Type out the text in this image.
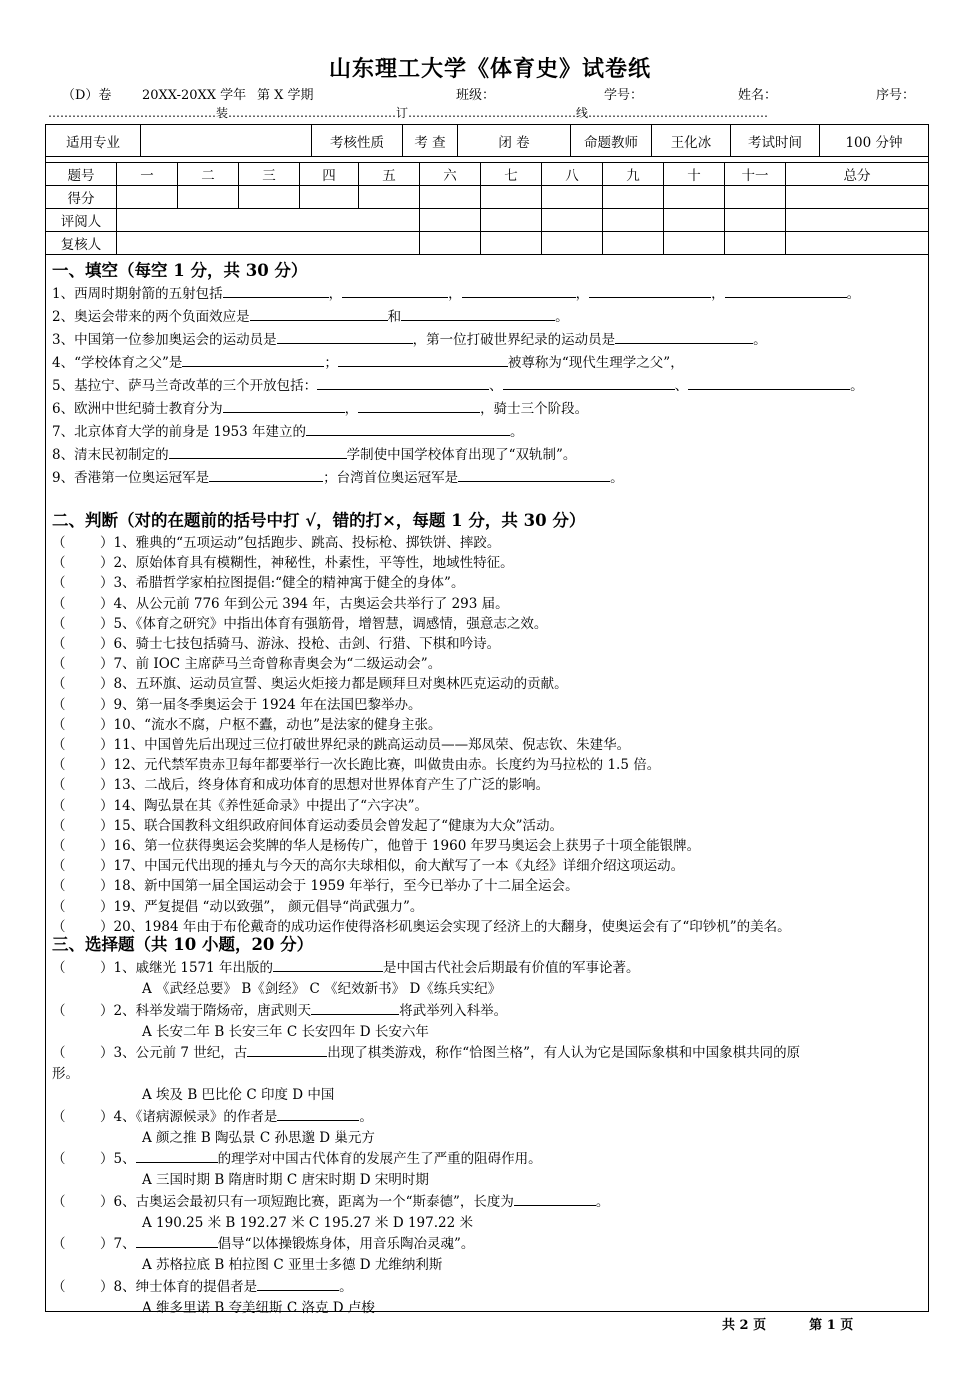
山东理工大学《体育史》试卷纸
（D）卷 20XX-20XX 学年 第 X 学期	班级：	学号：	姓名：	序号：
……………………………………装……………………………………订……………………………………线………………………………………
适用专业		考核性质	考 查	闭 卷	命题教师	王化冰	考试时间	100 分钟
题号	一	二	三	四	五	六	七	八	九	十	十一	总分
得分												
评阅人												
复核人												
一、填空（每空 1 分，共 30 分）
1、西周时期射箭的五射包括	，	，	，	，	。
2、奥运会带来的两个负面效应是	和	。
3、中国第一位参加奥运会的运动员是	，第一位打破世界纪录的运动员是	。
4、“学校体育之父”是	；	被尊称为“现代生理学之父”，
5、基拉宁、萨马兰奇改革的三个开放包括：	、	、	。
6、欧洲中世纪骑士教育分为	，	，骑士三个阶段。
7、北京体育大学的前身是 1953 年建立的	。
8、清末民初制定的	学制使中国学校体育出现了“双轨制”。
9、香港第一位奥运冠军是	；台湾首位奥运冠军是	。
二、判断（对的在题前的括号中打 √，错的打×，每题 1 分，共 30 分）
（	）1、雅典的“五项运动”包括跑步、跳高、投标枪、掷铁饼、摔跤。
（	）2、原始体育具有模糊性，神秘性，朴素性，平等性，地域性特征。
（	）3、希腊哲学家柏拉图提倡:“健全的精神寓于健全的身体”。
（	）4、从公元前 776 年到公元 394 年，古奥运会共举行了 293 届。
（	）5、《体育之研究》中指出体育有强筋骨，增智慧，调感情，强意志之效。
（	）6、骑士七技包括骑马、游泳、投枪、击剑、行猎、下棋和吟诗。
（	）7、前 IOC 主席萨马兰奇曾称青奥会为“二级运动会”。
（	）8、五环旗、运动员宣誓、奥运火炬接力都是顾拜旦对奥林匹克运动的贡献。
（	）9、第一届冬季奥运会于 1924 年在法国巴黎举办。
（	）10、“流水不腐，户枢不蠹，动也”是法家的健身主张。
（	）11、中国曾先后出现过三位打破世界纪录的跳高运动员——郑凤荣、倪志钦、朱建华。
（	）12、元代禁军贵赤卫每年都要举行一次长跑比赛，叫做贵由赤。长度约为马拉松的 1.5 倍。
（	）13、二战后，终身体育和成功体育的思想对世界体育产生了广泛的影响。
（	）14、陶弘景在其《养性延命录》中提出了“六字决”。
（	）15、联合国教科文组织政府间体育运动委员会曾发起了“健康为大众”活动。
（	）16、第一位获得奥运会奖牌的华人是杨传广，他曾于 1960 年罗马奥运会上获男子十项全能银牌。
（	）17、中国元代出现的捶丸与今天的高尔夫球相似，俞大猷写了一本《丸经》详细介绍这项运动。
（	）18、新中国第一届全国运动会于 1959 年举行，至今已举办了十二届全运会。
（	）19、严复提倡 “动以致强”， 颜元倡导“尚武强力”。
（	）20、1984 年由于布伦戴奇的成功运作使得洛杉矶奥运会实现了经济上的大翻身，使奥运会有了“印钞机”的美名。
三、选择题（共 10 小题，20 分）
（	）1、戚继光 1571 年出版的	是中国古代社会后期最有价值的军事论著。
A 《武经总要》 B《剑经》 C 《纪效新书》 D《练兵实纪》
（	）2、科举发端于隋炀帝，唐武则天	将武举列入科举。
A 长安二年 B 长安三年 C 长安四年 D 长安六年
（	）3、公元前 7 世纪，古	出现了棋类游戏，称作“恰图兰格”，有人认为它是国际象棋和中国象棋共同的原
形。
A 埃及 B 巴比伦 C 印度 D 中国
（	）4、《诸病源候录》的作者是	。
A 颜之推 B 陶弘景 C 孙思邈 D 巢元方
（	）5、	的理学对中国古代体育的发展产生了严重的阻碍作用。
A 三国时期 B 隋唐时期 C 唐宋时期 D 宋明时期
（	）6、古奥运会最初只有一项短跑比赛，距离为一个“斯泰德”，长度为	。
A 190.25 米 B 192.27 米 C 195.27 米 D 197.22 米
（	）7、	倡导“以体操锻炼身体，用音乐陶冶灵魂”。
A 苏格拉底 B 柏拉图 C 亚里士多德 D 尤维纳利斯
（	）8、绅士体育的提倡者是	。
A 维多里诺 B 夸美纽斯 C 洛克 D 卢梭
共 2 页	第 1 页
